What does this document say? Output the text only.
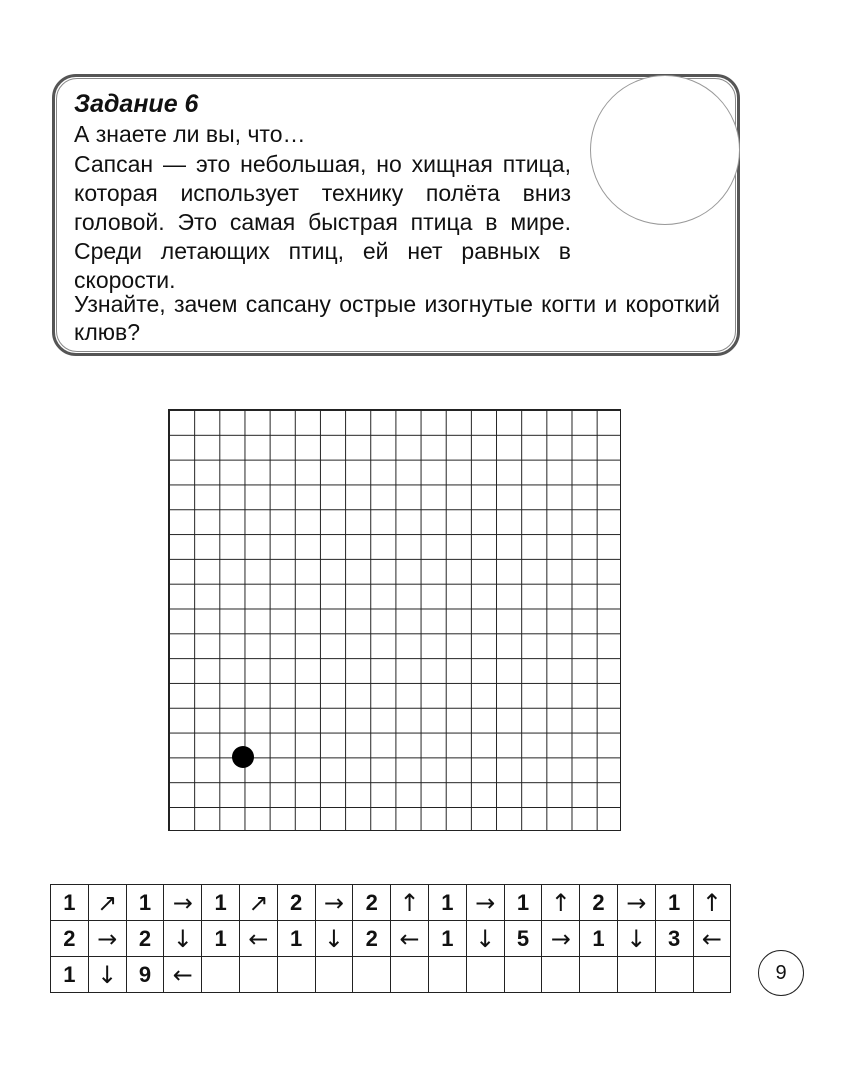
Задание 6
А знаете ли вы, что…
Сапсан — это небольшая, но хищная птица, которая использует технику полёта вниз головой. Это самая быстрая птица в мире. Среди летающих птиц, ей нет равных в скорости.
Узнайте, зачем сапсану острые изогнутые когти и короткий клюв?
1	↗	1	→	1	↗	2	→	2	↑	1	→	1	↑	2	→	1	↑
2	→	2	↓	1	←	1	↓	2	←	1	↓	5	→	1	↓	3	←
1	↓	9	←															9
